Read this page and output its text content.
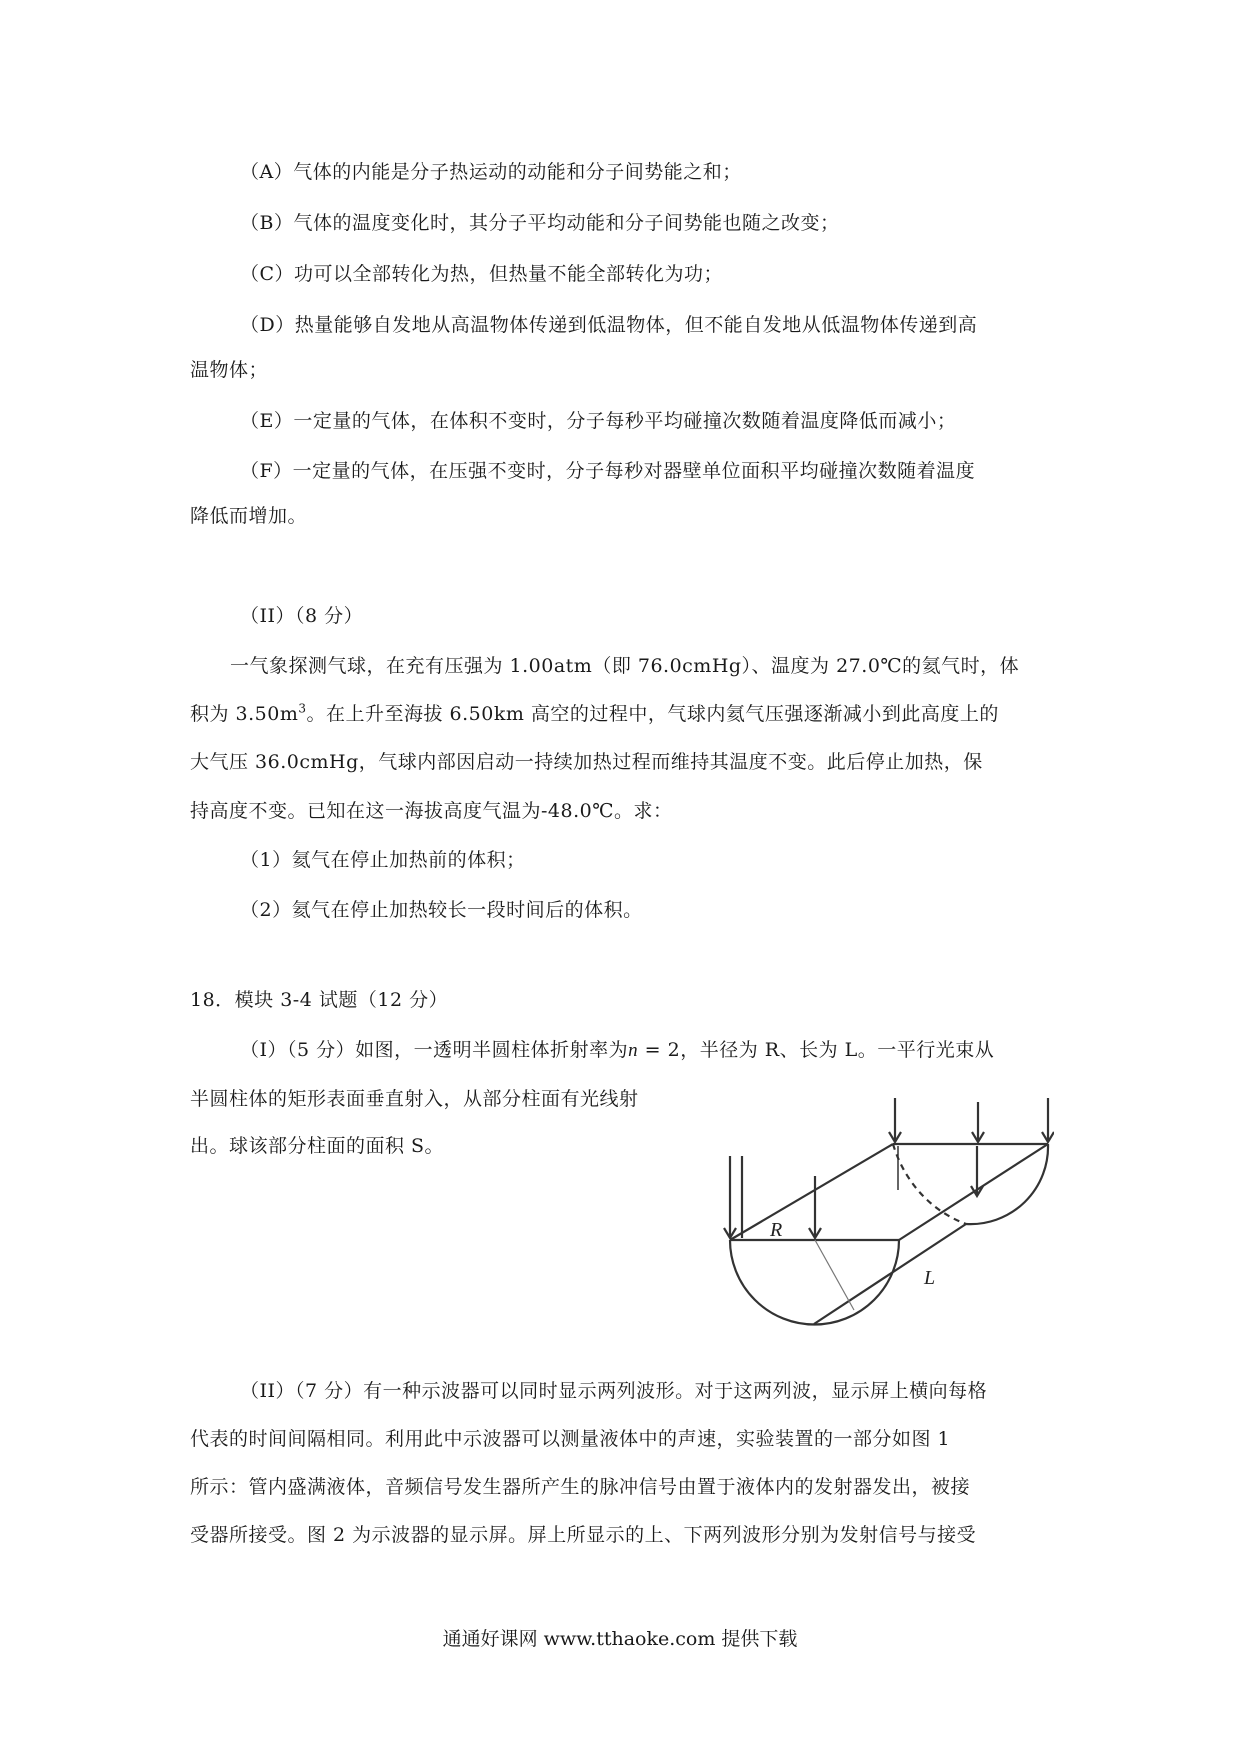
（A）气体的内能是分子热运动的动能和分子间势能之和；
（B）气体的温度变化时，其分子平均动能和分子间势能也随之改变；
（C）功可以全部转化为热，但热量不能全部转化为功；
（D）热量能够自发地从高温物体传递到低温物体，但不能自发地从低温物体传递到高
温物体；
（E）一定量的气体，在体积不变时，分子每秒平均碰撞次数随着温度降低而减小；
（F）一定量的气体，在压强不变时，分子每秒对器壁单位面积平均碰撞次数随着温度
降低而增加。
（II）（8 分）
一气象探测气球，在充有压强为 1.00atm（即 76.0cmHg）、温度为 27.0℃的氦气时，体
积为 $3.50m^3$。在上升至海拔 6.50km 高空的过程中，气球内氦气压强逐渐减小到此高度上的
大气压 36.0cmHg，气球内部因启动一持续加热过程而维持其温度不变。此后停止加热，保
持高度不变。已知在这一海拔高度气温为-48.0℃。求：
（1）氦气在停止加热前的体积；
（2）氦气在停止加热较长一段时间后的体积。
18．模块 3-4 试题（12 分）
（I）（5 分）如图，一透明半圆柱体折射率为n = 2，半径为 R、长为 L。一平行光束从
半圆柱体的矩形表面垂直射入，从部分柱面有光线射
出。球该部分柱面的面积 S。
R
L
（II）（7 分）有一种示波器可以同时显示两列波形。对于这两列波，显示屏上横向每格
代表的时间间隔相同。利用此中示波器可以测量液体中的声速，实验装置的一部分如图 1
所示：管内盛满液体，音频信号发生器所产生的脉冲信号由置于液体内的发射器发出，被接
受器所接受。图 2 为示波器的显示屏。屏上所显示的上、下两列波形分别为发射信号与接受
通通好课网 www.tthaoke.com 提供下载
